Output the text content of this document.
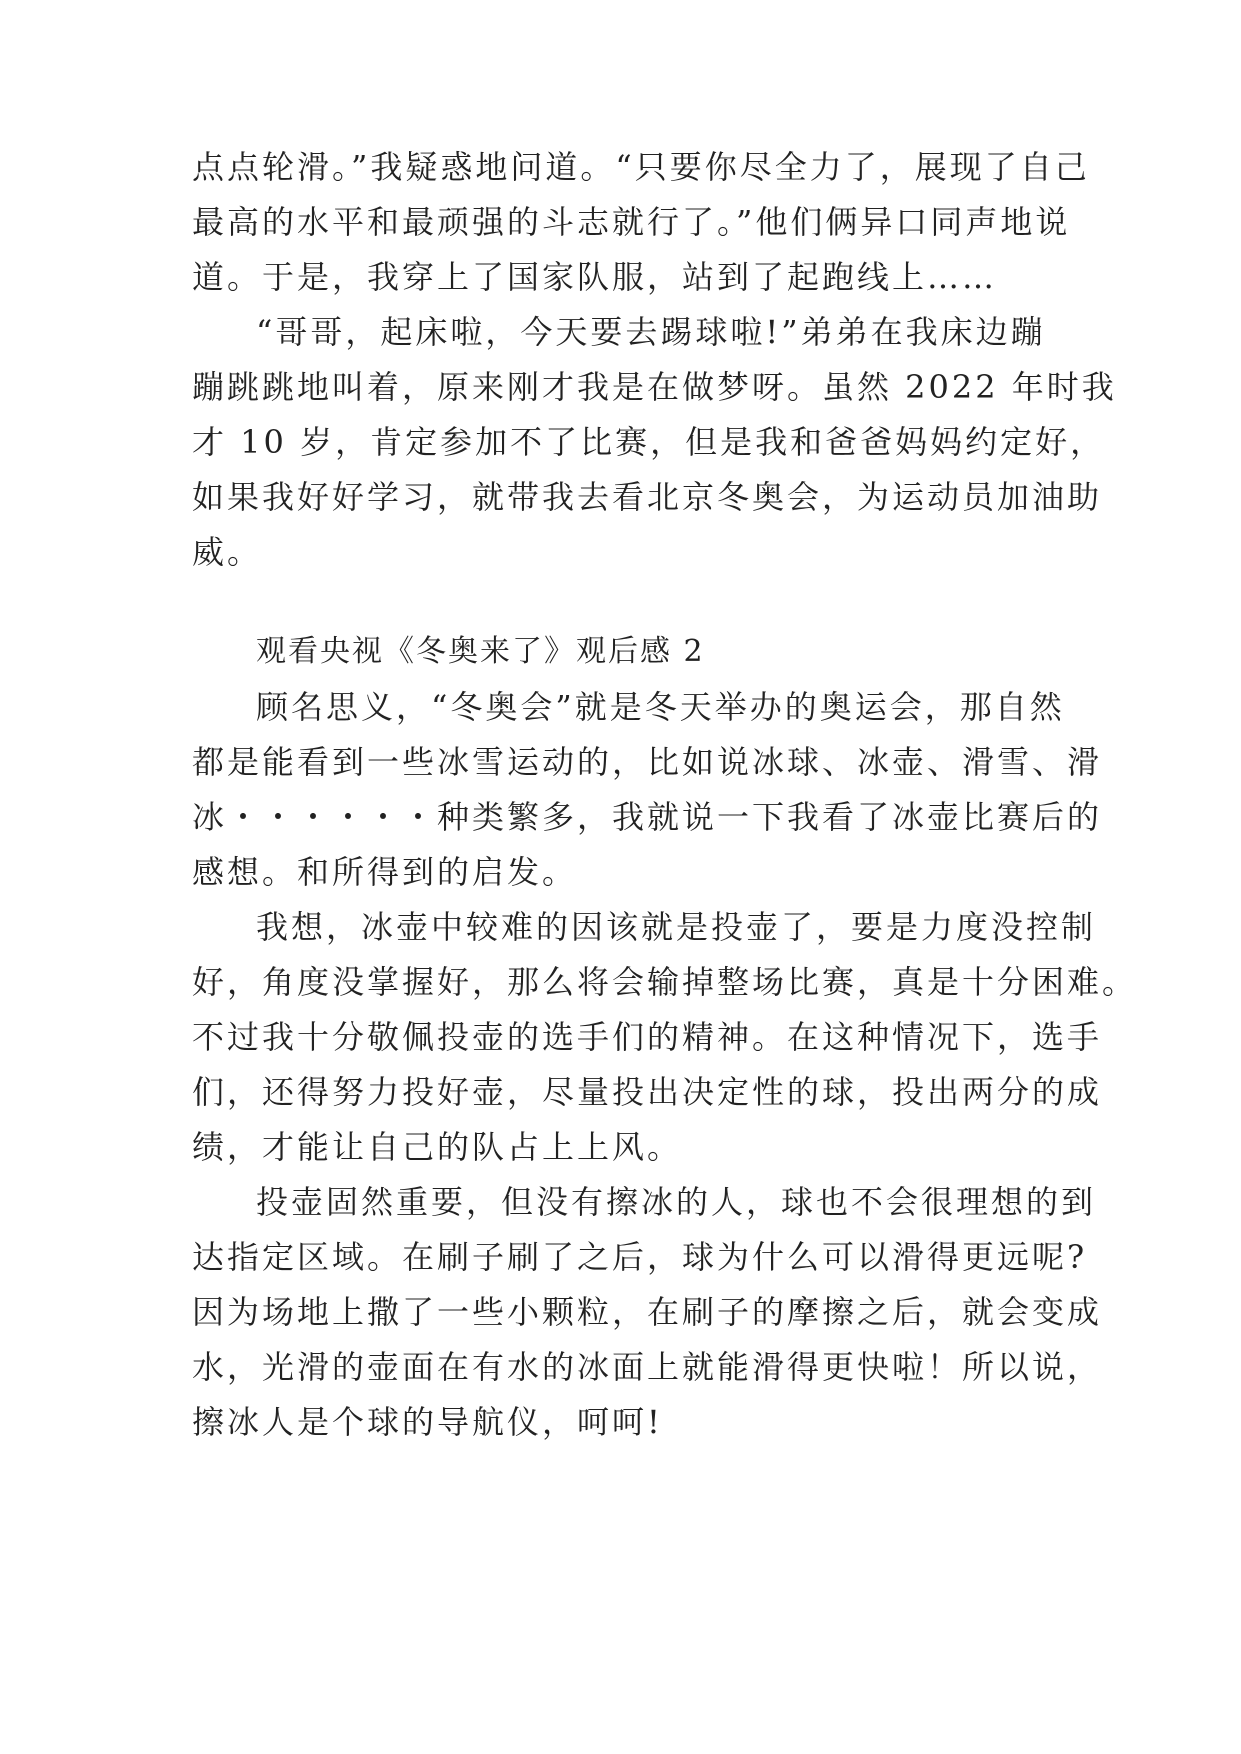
点点轮滑。”我疑惑地问道。“只要你尽全力了，展现了自己
最高的水平和最顽强的斗志就行了。”他们俩异口同声地说
道。于是，我穿上了国家队服，站到了起跑线上……
“哥哥，起床啦，今天要去踢球啦!”弟弟在我床边蹦
蹦跳跳地叫着，原来刚才我是在做梦呀。虽然 2022 年时我
才 10 岁，肯定参加不了比赛，但是我和爸爸妈妈约定好，
如果我好好学习，就带我去看北京冬奥会，为运动员加油助
威。
观看央视《冬奥来了》观后感 2
顾名思义，“冬奥会”就是冬天举办的奥运会，那自然
都是能看到一些冰雪运动的，比如说冰球、冰壶、滑雪、滑
冰・・・・・・种类繁多，我就说一下我看了冰壶比赛后的
感想。和所得到的启发。
我想，冰壶中较难的因该就是投壶了，要是力度没控制
好，角度没掌握好，那么将会输掉整场比赛，真是十分困难。
不过我十分敬佩投壶的选手们的精神。在这种情况下，选手
们，还得努力投好壶，尽量投出决定性的球，投出两分的成
绩，才能让自己的队占上上风。
投壶固然重要，但没有擦冰的人，球也不会很理想的到
达指定区域。在刷子刷了之后，球为什么可以滑得更远呢?
因为场地上撒了一些小颗粒，在刷子的摩擦之后，就会变成
水，光滑的壶面在有水的冰面上就能滑得更快啦！所以说，
擦冰人是个球的导航仪，呵呵!
